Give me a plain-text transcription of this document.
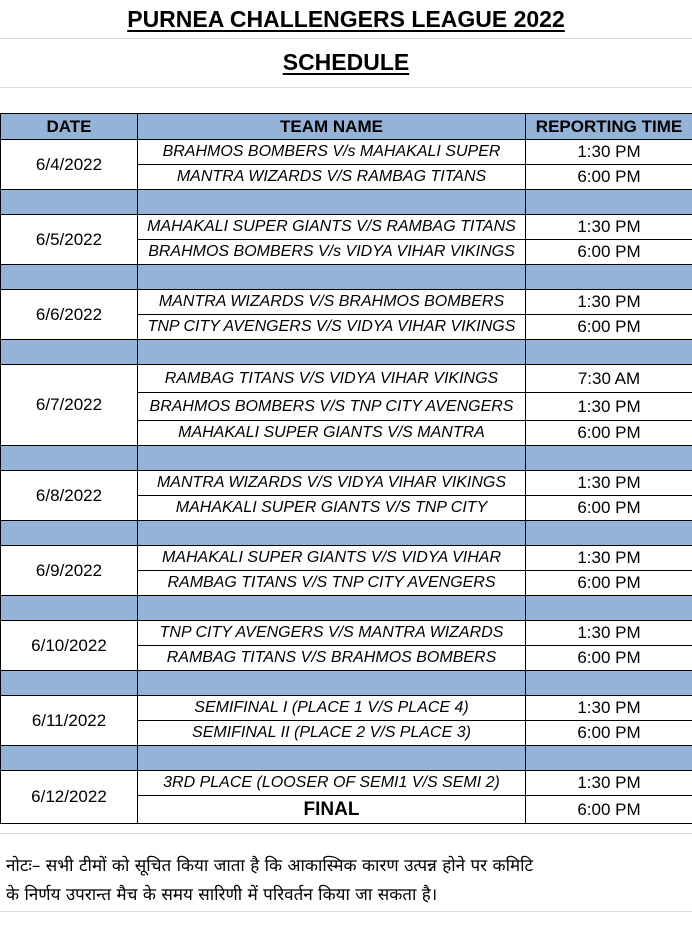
PURNEA CHALLENGERS LEAGUE 2022
SCHEDULE
DATE	TEAM NAME	REPORTING TIME
6/4/2022	BRAHMOS BOMBERS V/s MAHAKALI SUPER	1:30 PM
	MANTRA WIZARDS V/S RAMBAG TITANS	6:00 PM

6/5/2022	MAHAKALI SUPER GIANTS V/S RAMBAG TITANS	1:30 PM
	BRAHMOS BOMBERS V/s VIDYA VIHAR VIKINGS	6:00 PM

6/6/2022	MANTRA WIZARDS V/S BRAHMOS BOMBERS	1:30 PM
	TNP CITY AVENGERS V/S VIDYA VIHAR VIKINGS	6:00 PM

6/7/2022	RAMBAG TITANS V/S VIDYA VIHAR VIKINGS	7:30 AM
	BRAHMOS BOMBERS V/S TNP CITY AVENGERS	1:30 PM
	MAHAKALI SUPER GIANTS V/S MANTRA	6:00 PM

6/8/2022	MANTRA WIZARDS V/S VIDYA VIHAR VIKINGS	1:30 PM
	MAHAKALI SUPER GIANTS V/S TNP CITY	6:00 PM

6/9/2022	MAHAKALI SUPER GIANTS V/S VIDYA VIHAR	1:30 PM
	RAMBAG TITANS V/S TNP CITY AVENGERS	6:00 PM

6/10/2022	TNP CITY AVENGERS V/S MANTRA WIZARDS	1:30 PM
	RAMBAG TITANS V/S BRAHMOS BOMBERS	6:00 PM

6/11/2022	SEMIFINAL I (PLACE 1 V/S PLACE 4)	1:30 PM
	SEMIFINAL II (PLACE 2 V/S PLACE 3)	6:00 PM

6/12/2022	3RD PLACE (LOOSER OF SEMI1 V/S SEMI 2)	1:30 PM
	FINAL	6:00 PM
नोटः– सभी टीमों को सूचित किया जाता है कि आकास्मिक कारण उत्पन्न होने पर कमिटि
के निर्णय उपरान्त मैच के समय सारिणी में परिवर्तन किया जा सकता है।
